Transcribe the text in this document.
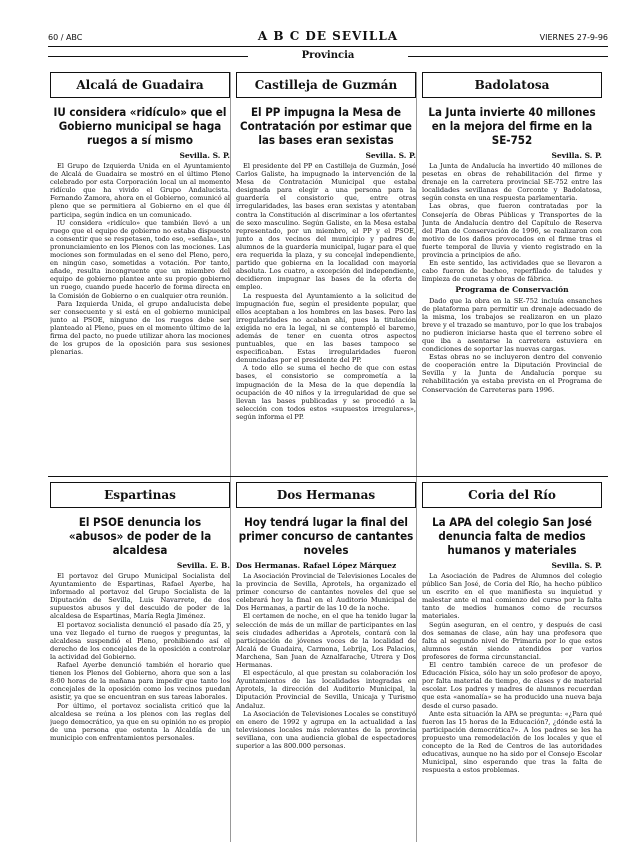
60 / ABC	A B C DE SEVILLA	VIERNES 27-9-96
Provincia
Alcalá de Guadaira
IU considera «ridículo» que el Gobierno municipal se haga ruegos a sí mismo
Sevilla. S. P.

El Grupo de Izquierda Unida en el Ayuntamiento de Alcalá de Guadaira se mostró en el último Pleno celebrado por esta Corporación local un al momento ridículo que ha vivido el Grupo Andalucista. Fernando Zamora, ahora en el Gobierno, comunicó al pleno que se permitiera al Gobierno en el que él participa, según indica en un comunicado.

IU considera «ridículo» que también llevó a un ruego que el equipo de gobierno no estaba dispuesto a consentir que se respetasen, todo eso, «señala», un pronunciamiento en los Plenos con las mociones. Las mociones son formuladas en el seno del Pleno, pero, en ningún caso, sometidas a votación. Por tanto, añade, resulta incongruente que un miembro del equipo de gobierno plantee ante su propio gobierno un ruego, cuando puede hacerlo de forma directa en la Comisión de Gobierno o en cualquier otra reunión.

Para Izquierda Unida, el grupo andalucista debe ser consecuente y si está en el gobierno municipal junto al PSOE, ninguno de los ruegos debe ser planteado al Pleno, pues en el momento último de la firma del pacto, no puede utilizar ahora las mociones de los grupos de la oposición para sus sesiones plenarias.

Castilleja de Guzmán
El PP impugna la Mesa de Contratación por estimar que las bases eran sexistas
Sevilla. S. P.

El presidente del PP en Castilleja de Guzmán, José Carlos Galiste, ha impugnado la intervención de la Mesa de Contratación Municipal que estaba designada para elegir a una persona para la guardería el consistorio que, entre otras irregularidades, las bases eran sexistas y atentaban contra la Constitución al discriminar a los ofertantes de sexo masculino. Según Galiste, en la Mesa estaba representado, por un miembro, el PP y el PSOE, junto a dos vecinos del municipio y padres de alumnos de la guardería municipal, lugar para el que era requerida la plaza, y su concejal independiente, partido que gobierna en la localidad con mayoría absoluta. Los cuatro, a excepción del independiente, decidieron impugnar las bases de la oferta de empleo.

La respuesta del Ayuntamiento a la solicitud de impugnación fue, según el presidente popular, que ellos aceptaban a los hombres en las bases. Pero las irregularidades no acaban ahí, pues la titulación exigida no era la legal, ni se contempló el baremo, además de tener en cuenta otros aspectos puntuables, que en las bases tampoco se especificaban. Estas irregularidades fueron denunciadas por el presidente del PP.

A todo ello se suma el hecho de que con estas bases, el consistorio se comprometía a la impugnación de la Mesa de la que dependía la ocupación de 40 niños y la irregularidad de que se llevan las bases publicadas y se procedió a la selección con todos estos «supuestos irregulares», según informa el PP.

Badolatosa
La Junta invierte 40 millones en la mejora del firme en la SE-752
Sevilla. S. P.

La Junta de Andalucía ha invertido 40 millones de pesetas en obras de rehabilitación del firme y drenaje en la carretera provincial SE-752 entre las localidades sevillanas de Corconte y Badolatosa, según consta en una respuesta parlamentaria.

Las obras, que fueron contratadas por la Consejería de Obras Públicas y Transportes de la Junta de Andalucía dentro del Capítulo de Reserva del Plan de Conservación de 1996, se realizaron con motivo de los daños provocados en el firme tras el fuerte temporal de lluvia y viento registrado en la provincia a principios de año.

En este sentido, las actividades que se llevaron a cabo fueron de bacheo, reperfilado de taludes y limpieza de cunetas y obras de fábrica.

Programa de Conservación

Dado que la obra en la SE-752 incluía ensanches de plataforma para permitir un drenaje adecuado de la misma, los trabajos se realizaron en un plazo breve y el trazado se mantuvo, por lo que los trabajos no pudieron iniciarse hasta que el terreno sobre el que iba a asentarse la carretera estuviera en condiciones de soportar las nuevas cargas.

Estas obras no se incluyeron dentro del convenio de cooperación entre la Diputación Provincial de Sevilla y la Junta de Andalucía porque su rehabilitación ya estaba prevista en el Programa de Conservación de Carreteras para 1996.

Espartinas
El PSOE denuncia los «abusos» de poder de la alcaldesa
Sevilla. E. B.

El portavoz del Grupo Municipal Socialista del Ayuntamiento de Espartinas, Rafael Ayerbe, ha informado al portavoz del Grupo Socialista de la Diputación de Sevilla, Luis Navarrete, de dos supuestos abusos y del descuido de poder de la alcaldesa de Espartinas, María Regla Jiménez.

El portavoz socialista denunció el pasado día 25, y una vez llegado el turno de ruegos y preguntas, la alcaldesa suspendió el Pleno, prohibiendo así el derecho de los concejales de la oposición a controlar la actividad del Gobierno.

Rafael Ayerbe denunció también el horario que tienen los Plenos del Gobierno, ahora que son a las 8:00 horas de la mañana para impedir que tanto los concejales de la oposición como los vecinos puedan asistir, ya que se encuentran en sus tareas laborales.

Por último, el portavoz socialista criticó que la alcaldesa se reúna a los plenos con las reglas del juego democrático, ya que en su opinión no es propio de una persona que ostenta la Alcaldía de un municipio con enfrentamientos personales.

Dos Hermanas
Hoy tendrá lugar la final del primer concurso de cantantes noveles
Dos Hermanas. Rafael López Márquez

La Asociación Provincial de Televisiones Locales de la provincia de Sevilla, Aprotels, ha organizado el primer concurso de cantantes noveles del que se celebrará hoy la final en el Auditorio Municipal de Dos Hermanas, a partir de las 10 de la noche.

El certamen de noche, en el que ha tenido lugar la selección de más de un millar de participantes en las seis ciudades adheridas a Aprotels, contará con la participación de jóvenes voces de la localidad de Alcalá de Guadaira, Carmona, Lebrija, Los Palacios, Marchena, San Juan de Aznalfarache, Utrera y Dos Hermanas.

El espectáculo, al que prestan su colaboración los Ayuntamientos de las localidades integradas en Aprotels, la dirección del Auditorio Municipal, la Diputación Provincial de Sevilla, Unicaja y Turismo Andaluz.

La Asociación de Televisiones Locales se constituyó en enero de 1992 y agrupa en la actualidad a las televisiones locales más relevantes de la provincia sevillana, con una audiencia global de espectadores superior a las 800.000 personas.

Coria del Río
La APA del colegio San José denuncia falta de medios humanos y materiales
Sevilla. S. P.

La Asociación de Padres de Alumnos del colegio público San José, de Coria del Río, ha hecho público un escrito en el que manifiesta su inquietud y malestar ante el mal comienzo del curso por la falta tanto de medios humanos como de recursos materiales.

Según aseguran, en el centro, y después de casi dos semanas de clase, aún hay una profesora que falta al segundo nivel de Primaria por lo que estos alumnos están siendo atendidos por varios profesores de forma circunstancial.

El centro también carece de un profesor de Educación Física, sólo hay un solo profesor de apoyo, por falta material de tiempo, de clases y de material escolar. Los padres y madres de alumnos recuerdan que esta «anomalía» se ha producido una nueva baja desde el curso pasado.

Ante esta situación la APA se pregunta: «¿Para qué fueron las 15 horas de la Educación?, ¿dónde está la participación democrática?». A los padres se les ha propuesto una remodelación de los locales y que el concepto de la Red de Centros de las autoridades educativas, aunque no ha sido por el Consejo Escolar Municipal, sino esperando que tras la falta de respuesta a estos problemas.
